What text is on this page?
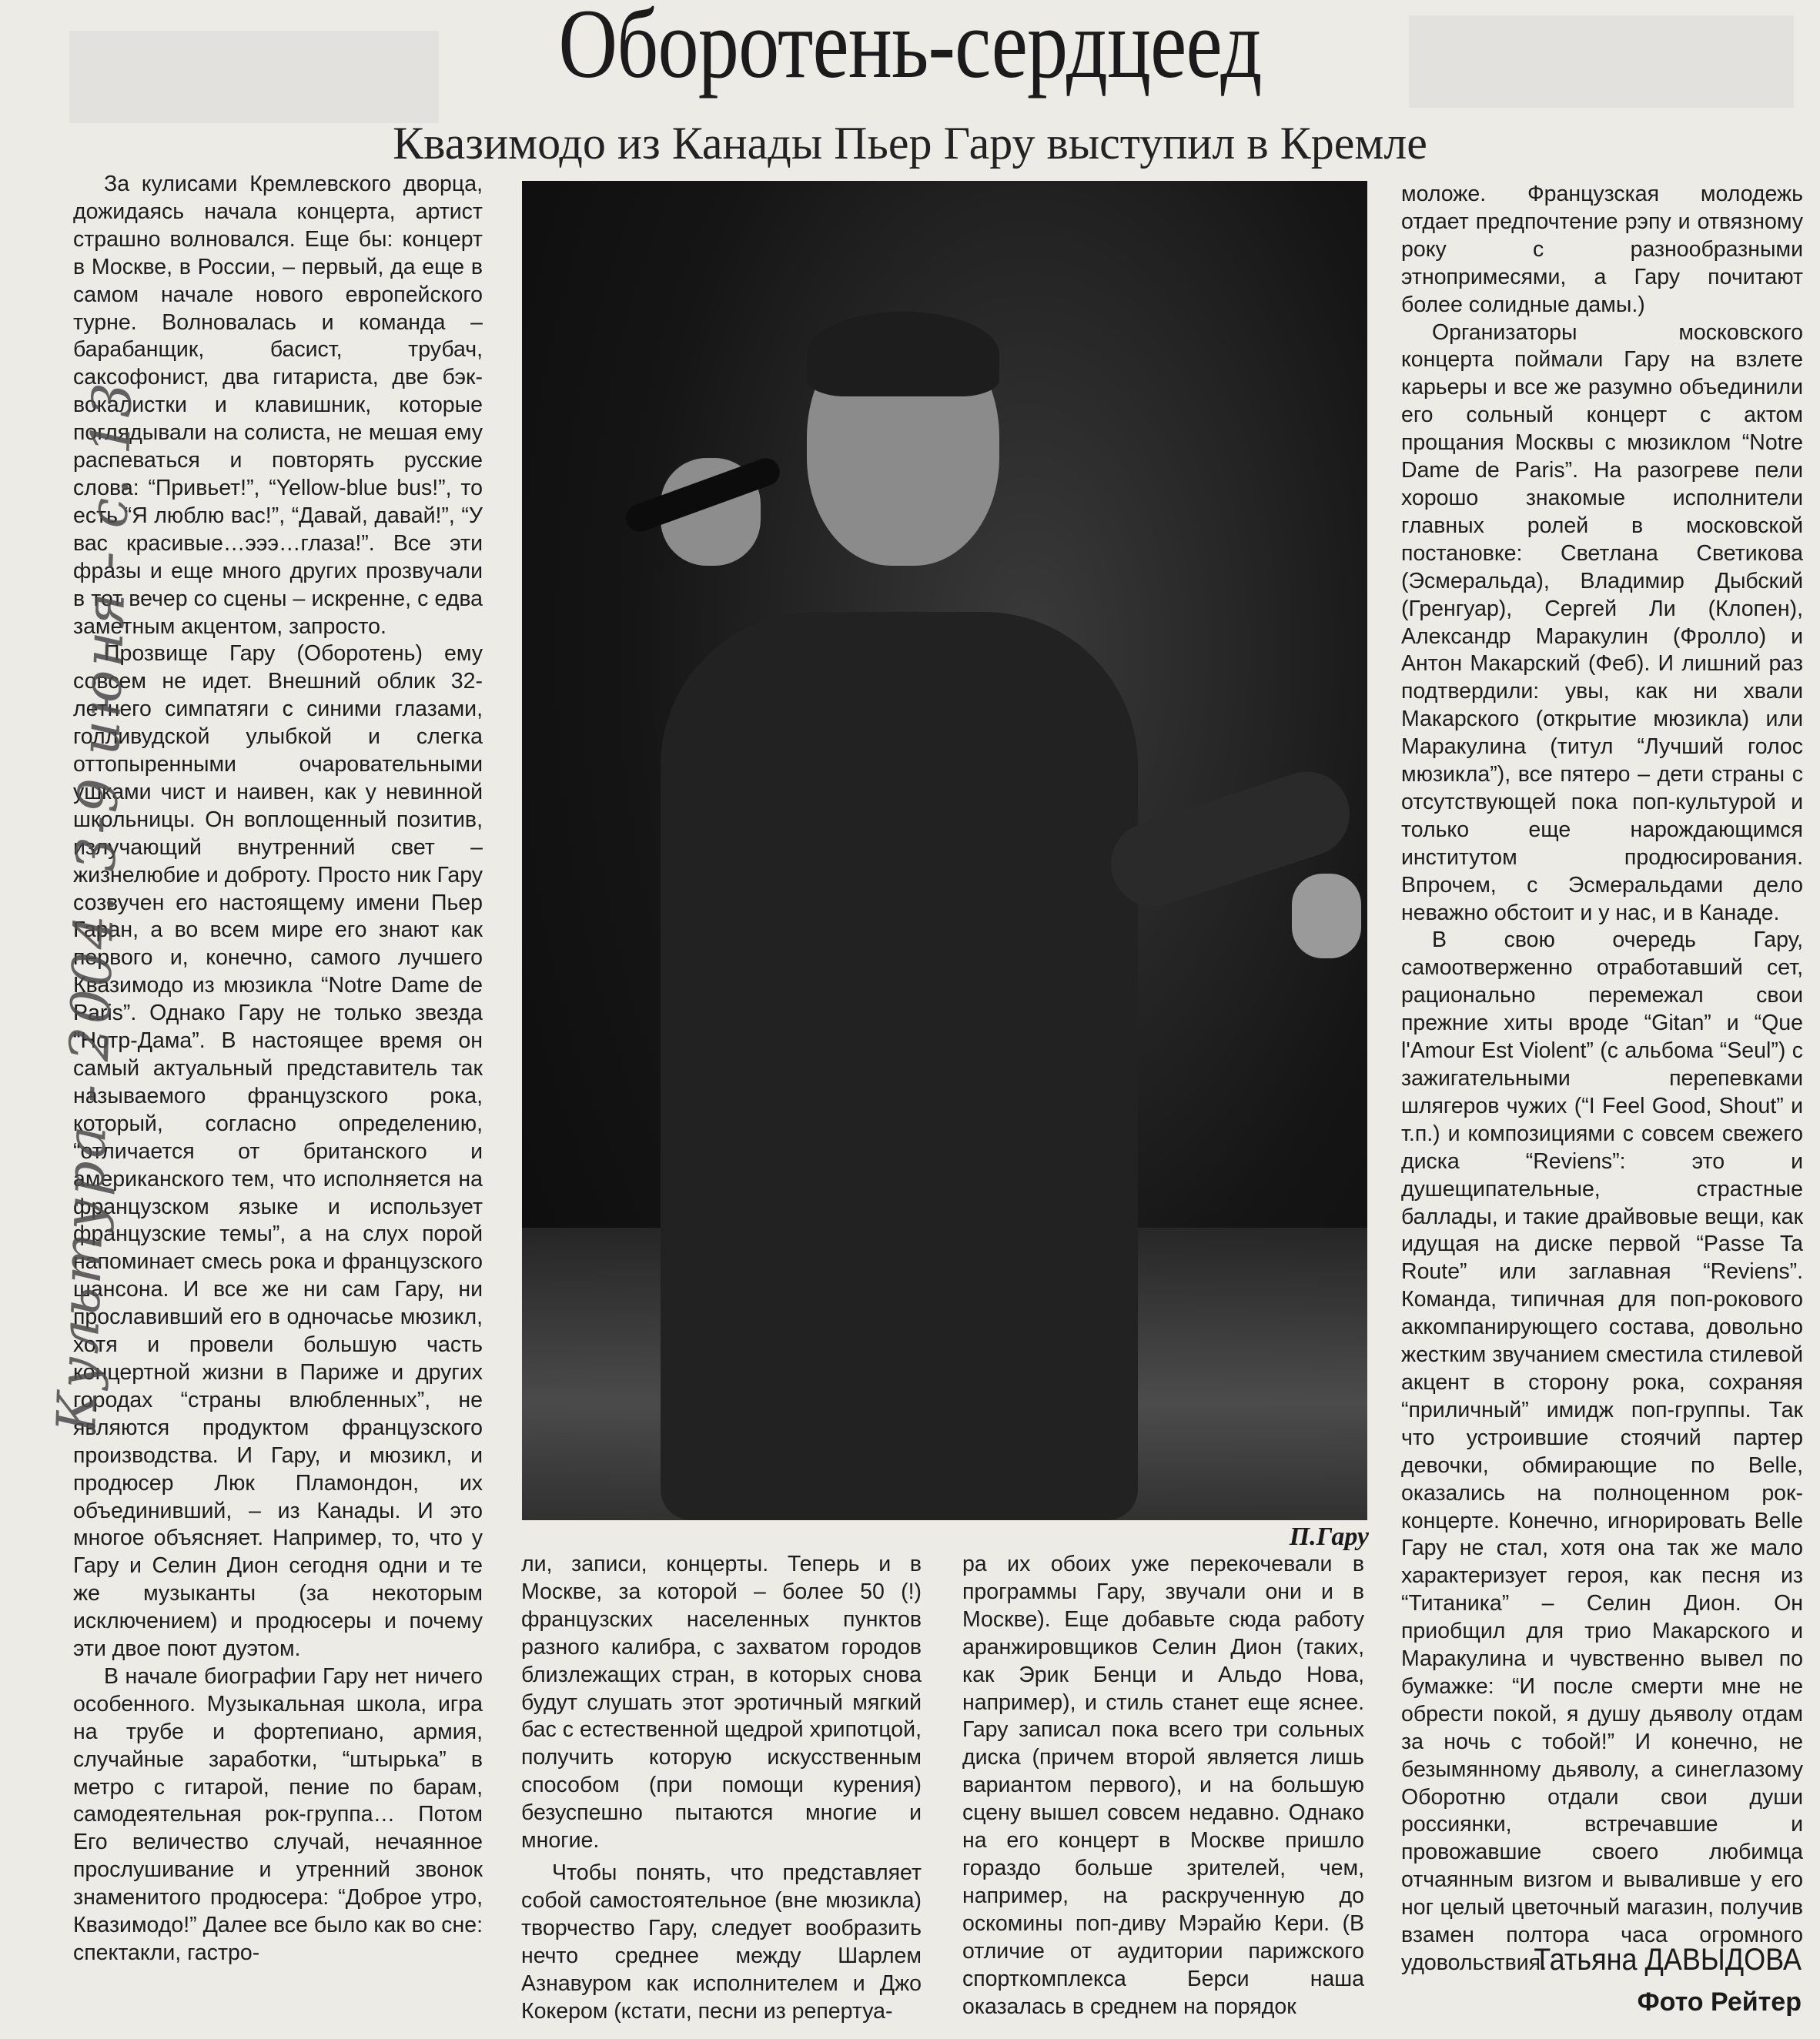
Оборотень-сердцеед
Квазимодо из Канады Пьер Гару выступил в Кремле

За кулисами Кремлевского дворца, дожидаясь начала концерта, артист страшно волновался. Еще бы: концерт в Москве, в России, – первый, да еще в самом начале нового европейского турне. Волновалась и команда – барабанщик, басист, трубач, саксофонист, два гитариста, две бэк-вокалистки и клавишник, которые поглядывали на солиста, не мешая ему распеваться и повторять русские слова: “Привьет!”, “Yellow-blue bus!”, то есть “Я люблю вас!”, “Давай, давай!”, “У вас красивые…эээ…глаза!”. Все эти фразы и еще много других прозвучали в тот вечер со сцены – искренне, с едва заметным акцентом, запросто.

Прозвище Гару (Оборотень) ему совсем не идет. Внешний облик 32-летнего симпатяги с синими глазами, голливудской улыбкой и слегка оттопыренными очаровательными ушками чист и наивен, как у невинной школьницы. Он воплощенный позитив, излучающий внутренний свет – жизнелюбие и доброту. Просто ник Гару созвучен его настоящему имени Пьер Гаран, а во всем мире его знают как первого и, конечно, самого лучшего Квазимодо из мюзикла “Notre Dame de Paris”. Однако Гару не только звезда “Нотр-Дама”. В настоящее время он самый актуальный представитель так называемого французского рока, который, согласно определению, “отличается от британского и американского тем, что исполняется на французском языке и использует французские темы”, а на слух порой напоминает смесь рока и французского шансона. И все же ни сам Гару, ни прославивший его в одночасье мюзикл, хотя и провели большую часть концертной жизни в Париже и других городах “страны влюбленных”, не являются продуктом французского производства. И Гару, и мюзикл, и продюсер Люк Пламондон, их объединивший, – из Канады. И это многое объясняет. Например, то, что у Гару и Селин Дион сегодня одни и те же музыканты (за некоторым исключением) и продюсеры и почему эти двое поют дуэтом.

В начале биографии Гару нет ничего особенного. Музыкальная школа, игра на трубе и фортепиано, армия, случайные заработки, “штырька” в метро с гитарой, пение по барам, самодеятельная рок-группа… Потом Его величество случай, нечаянное прослушивание и утренний звонок знаменитого продюсера: “Доброе утро, Квазимодо!” Далее все было как во сне: спектакли, гастро-

П.Гару

ли, записи, концерты. Теперь и в Москве, за которой – более 50 (!) французских населенных пунктов разного калибра, с захватом городов близлежащих стран, в которых снова будут слушать этот эротичный мягкий бас с естественной щедрой хрипотцой, получить которую искусственным способом (при помощи курения) безуспешно пытаются многие и многие.

Чтобы понять, что представляет собой самостоятельное (вне мюзикла) творчество Гару, следует вообразить нечто среднее между Шарлем Азнавуром как исполнителем и Джо Кокером (кстати, песни из репертуа-

ра их обоих уже перекочевали в программы Гару, звучали они и в Москве). Еще добавьте сюда работу аранжировщиков Селин Дион (таких, как Эрик Бенци и Альдо Нова, например), и стиль станет еще яснее. Гару записал пока всего три сольных диска (причем второй является лишь вариантом первого), и на большую сцену вышел совсем недавно. Однако на его концерт в Москве пришло гораздо больше зрителей, чем, например, на раскрученную до оскомины поп-диву Мэрайю Кери. (В отличие от аудитории парижского спорткомплекса Берси наша оказалась в среднем на порядок

моложе. Французская молодежь отдает предпочтение рэпу и отвязному року с разнообразными этнопримесями, а Гару почитают более солидные дамы.)

Организаторы московского концерта поймали Гару на взлете карьеры и все же разумно объединили его сольный концерт с актом прощания Москвы с мюзиклом “Notre Dame de Paris”. На разогреве пели хорошо знакомые исполнители главных ролей в московской постановке: Светлана Светикова (Эсмеральда), Владимир Дыбский (Гренгуар), Сергей Ли (Клопен), Александр Маракулин (Фролло) и Антон Макарский (Феб). И лишний раз подтвердили: увы, как ни хвали Макарского (открытие мюзикла) или Маракулина (титул “Лучший голос мюзикла”), все пятеро – дети страны с отсутствующей пока поп-культурой и только еще нарождающимся институтом продюсирования. Впрочем, с Эсмеральдами дело неважно обстоит и у нас, и в Канаде.

В свою очередь Гару, самоотверженно отработавший сет, рационально перемежал свои прежние хиты вроде “Gitan” и “Que l'Amour Est Violent” (с альбома “Seul”) с зажигательными перепевками шлягеров чужих (“I Feel Good, Shout” и т.п.) и композициями с совсем свежего диска “Reviens”: это и душещипательные, страстные баллады, и такие драйвовые вещи, как идущая на диске первой “Passe Ta Route” или заглавная “Reviens”. Команда, типичная для поп-рокового аккомпанирующего состава, довольно жестким звучанием сместила стилевой акцент в сторону рока, сохраняя “приличный” имидж поп-группы. Так что устроившие стоячий партер девочки, обмирающие по Belle, оказались на полноценном рок-концерте. Конечно, игнорировать Belle Гару не стал, хотя она так же мало характеризует героя, как песня из “Титаника” – Селин Дион. Он приобщил для трио Макарского и Маракулина и чувственно вывел по бумажке: “И после смерти мне не обрести покой, я душу дьяволу отдам за ночь с тобой!” И конечно, не безымянному дьяволу, а синеглазому Оборотню отдали свои души россиянки, встречавшие и провожавшие своего любимца отчаянным визгом и вываливше у его ног целый цветочный магазин, получив взамен полтора часа огромного удовольствия.

Татьяна ДАВЫДОВА
Фото Рейтер
Культура - 2004. 3-9 июня - с. 13
